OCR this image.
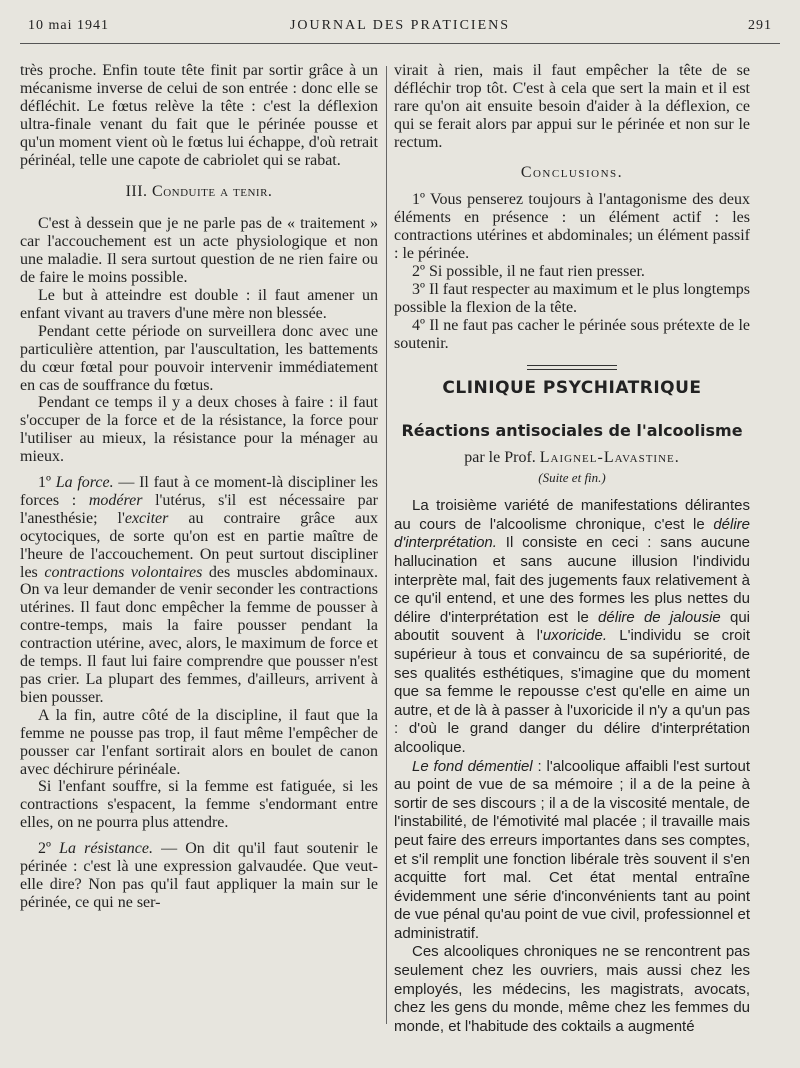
10 mai 1941	JOURNAL DES PRATICIENS	291

très proche. Enfin toute tête finit par sortir grâce à un mécanisme inverse de celui de son entrée : donc elle se défléchit. Le fœtus relève la tête : c'est la déflexion ultra-finale venant du fait que le périnée pousse et qu'un moment vient où le fœtus lui échappe, d'où retrait périnéal, telle une capote de cabriolet qui se rabat.

III. Conduite a tenir.

C'est à dessein que je ne parle pas de « traitement » car l'accouchement est un acte physiologique et non une maladie. Il sera surtout question de ne rien faire ou de faire le moins possible.

Le but à atteindre est double : il faut amener un enfant vivant au travers d'une mère non blessée.

Pendant cette période on surveillera donc avec une particulière attention, par l'auscultation, les battements du cœur fœtal pour pouvoir intervenir immédiatement en cas de souffrance du fœtus.

Pendant ce temps il y a deux choses à faire : il faut s'occuper de la force et de la résistance, la force pour l'utiliser au mieux, la résistance pour la ménager au mieux.

1º La force. — Il faut à ce moment-là discipliner les forces : modérer l'utérus, s'il est nécessaire par l'anesthésie; l'exciter au contraire grâce aux ocytociques, de sorte qu'on est en partie maître de l'heure de l'accouchement. On peut surtout discipliner les contractions volontaires des muscles abdominaux. On va leur demander de venir seconder les contractions utérines. Il faut donc empêcher la femme de pousser à contre-temps, mais la faire pousser pendant la contraction utérine, avec, alors, le maximum de force et de temps. Il faut lui faire comprendre que pousser n'est pas crier. La plupart des femmes, d'ailleurs, arrivent à bien pousser.

A la fin, autre côté de la discipline, il faut que la femme ne pousse pas trop, il faut même l'empêcher de pousser car l'enfant sortirait alors en boulet de canon avec déchirure périnéale.

Si l'enfant souffre, si la femme est fatiguée, si les contractions s'espacent, la femme s'endormant entre elles, on ne pourra plus attendre.

2º La résistance. — On dit qu'il faut soutenir le périnée : c'est là une expression galvaudée. Que veut-elle dire? Non pas qu'il faut appliquer la main sur le périnée, ce qui ne ser-

virait à rien, mais il faut empêcher la tête de se défléchir trop tôt. C'est à cela que sert la main et il est rare qu'on ait ensuite besoin d'aider à la déflexion, ce qui se ferait alors par appui sur le périnée et non sur le rectum.

Conclusions.

1º Vous penserez toujours à l'antagonisme des deux éléments en présence : un élément actif : les contractions utérines et abdominales; un élément passif : le périnée.

2º Si possible, il ne faut rien presser.

3º Il faut respecter au maximum et le plus longtemps possible la flexion de la tête.

4º Il ne faut pas cacher le périnée sous prétexte de le soutenir.

CLINIQUE PSYCHIATRIQUE
Réactions antisociales de l'alcoolisme
par le Prof. Laignel-Lavastine.
(Suite et fin.)

La troisième variété de manifestations délirantes au cours de l'alcoolisme chronique, c'est le délire d'interprétation. Il consiste en ceci : sans aucune hallucination et sans aucune illusion l'individu interprète mal, fait des jugements faux relativement à ce qu'il entend, et une des formes les plus nettes du délire d'interprétation est le délire de jalousie qui aboutit souvent à l'uxoricide. L'individu se croit supérieur à tous et convaincu de sa supériorité, de ses qualités esthétiques, s'imagine que du moment que sa femme le repousse c'est qu'elle en aime un autre, et de là à passer à l'uxoricide il n'y a qu'un pas : d'où le grand danger du délire d'interprétation alcoolique.

Le fond démentiel : l'alcoolique affaibli l'est surtout au point de vue de sa mémoire ; il a de la peine à sortir de ses discours ; il a de la viscosité mentale, de l'instabilité, de l'émotivité mal placée ; il travaille mais peut faire des erreurs importantes dans ses comptes, et s'il remplit une fonction libérale très souvent il s'en acquitte fort mal. Cet état mental entraîne évidemment une série d'inconvénients tant au point de vue pénal qu'au point de vue civil, professionnel et administratif.

Ces alcooliques chroniques ne se rencontrent pas seulement chez les ouvriers, mais aussi chez les employés, les médecins, les magistrats, avocats, chez les gens du monde, même chez les femmes du monde, et l'habitude des coktails a augmenté
